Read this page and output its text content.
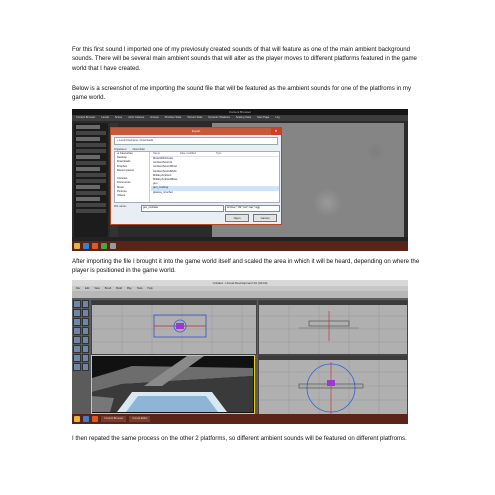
For this first sound I imported one of my previosuly created sounds of that will feature as one of the main ambient background sounds. There will be several main ambient sounds that will alter as the player moves to different platforms featured in the game world that I have created.

Below is a screenshot of me importing the sound file that will be featured as the ambient sounds for one of the platfroms in my game world.

Content Browser
Content Browser	Levels	Scene	Actor Classes	Groups	Primitive Stats	Texture Stats	Dynamic Shadows	Scaling Stats	Start Page	Log
Import	✕
« Local Username › Downloads
Organise ▾ New folder
★ Favourites
Desktop
Downloads
Dropbox
Recent places

Libraries
Documents
Music
Pictures
Videos
Name	Date modified	Type
Music2016Junior
AmbientSound1
AmbientSoundShort
AmbientSoundMulti
MilitaryAmbient
MilitaryAmbientBass
gun
gun_cocking
plasma_ricochet
File name:	gun_cockwav	All Files (*.t3d;*.psk;*.wav;*.ogg)
Open	Cancel

After importing the file I brought it into the game world itself and scaled the area in which it will be heard, depending on where the player is positioned in the game world.

Untitled - Unreal Development Kit (32-bit)
File	Edit	View	Brush	Build	Play	Tools	Help
Content Browser	Unreal Editor

I then repated the same process on the other 2 platforms, so different ambient sounds will be featured on different platfroms.
